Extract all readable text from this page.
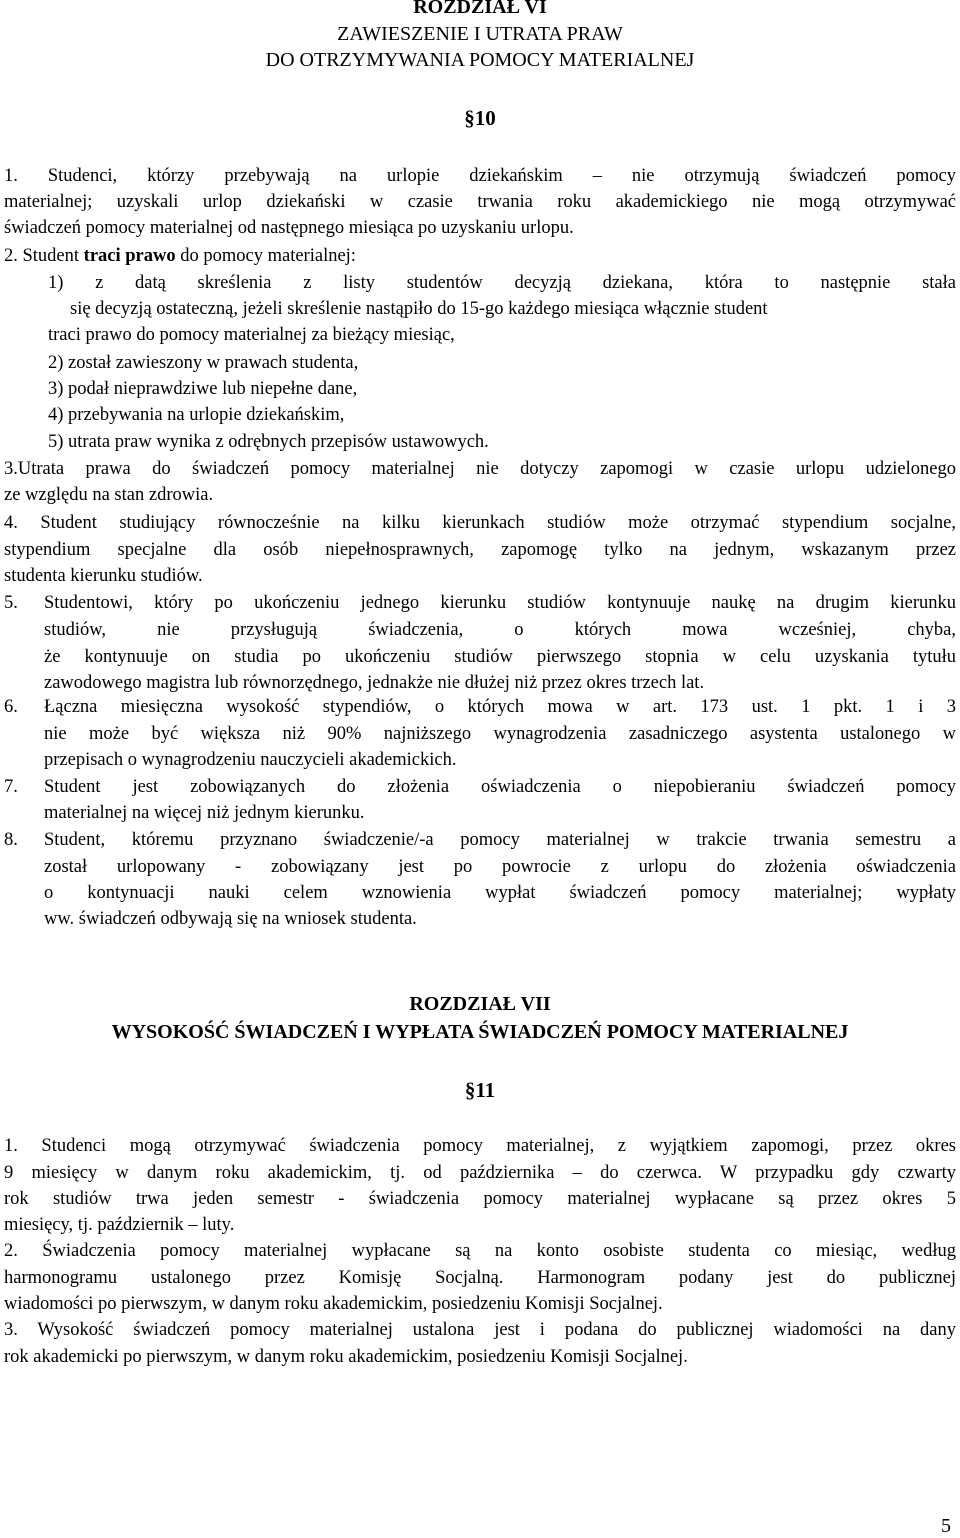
ROZDZIAŁ VI
ZAWIESZENIE I UTRATA PRAW
DO OTRZYMYWANIA POMOCY MATERIALNEJ
§10
1. Studenci, którzy przebywają na urlopie dziekańskim – nie otrzymują świadczeń pomocy
materialnej; uzyskali urlop dziekański w czasie trwania roku akademickiego nie mogą otrzymywać
świadczeń pomocy materialnej od następnego miesiąca po uzyskaniu urlopu.
2. Student traci prawo do pomocy materialnej:
1) z datą skreślenia z listy studentów decyzją dziekana, która to następnie stała
się decyzją ostateczną, jeżeli skreślenie nastąpiło do 15-go każdego miesiąca włącznie student
traci prawo do pomocy materialnej za bieżący miesiąc,
2) został zawieszony w prawach studenta,
3) podał nieprawdziwe lub niepełne dane,
4) przebywania na urlopie dziekańskim,
5) utrata praw wynika z odrębnych przepisów ustawowych.
3.Utrata prawa do świadczeń pomocy materialnej nie dotyczy zapomogi w czasie urlopu udzielonego
ze względu na stan zdrowia.
4. Student studiujący równocześnie na kilku kierunkach studiów może otrzymać stypendium socjalne,
stypendium specjalne dla osób niepełnosprawnych, zapomogę tylko na jednym, wskazanym przez
studenta kierunku studiów.
5.	Studentowi, który po ukończeniu jednego kierunku studiów kontynuuje naukę na drugim kierunku
studiów, nie przysługują świadczenia, o których mowa wcześniej, chyba,
że kontynuuje on studia po ukończeniu studiów pierwszego stopnia w celu uzyskania tytułu
zawodowego magistra lub równorzędnego, jednakże nie dłużej niż przez okres trzech lat.
6.	Łączna miesięczna wysokość stypendiów, o których mowa w art. 173 ust. 1 pkt. 1 i 3
nie może być większa niż 90% najniższego wynagrodzenia zasadniczego asystenta ustalonego w
przepisach o wynagrodzeniu nauczycieli akademickich.
7.	Student jest zobowiązanych do złożenia oświadczenia o niepobieraniu świadczeń pomocy
materialnej na więcej niż jednym kierunku.
8.	Student, któremu przyznano świadczenie/-a pomocy materialnej w trakcie trwania semestru a
został urlopowany - zobowiązany jest po powrocie z urlopu do złożenia oświadczenia
o kontynuacji nauki celem wznowienia wypłat świadczeń pomocy materialnej; wypłaty
ww. świadczeń odbywają się na wniosek studenta.
ROZDZIAŁ VII
WYSOKOŚĆ ŚWIADCZEŃ I WYPŁATA ŚWIADCZEŃ POMOCY MATERIALNEJ
§11
1. Studenci mogą otrzymywać świadczenia pomocy materialnej, z wyjątkiem zapomogi, przez okres
9 miesięcy w danym roku akademickim, tj. od października – do czerwca. W przypadku gdy czwarty
rok studiów trwa jeden semestr - świadczenia pomocy materialnej wypłacane są przez okres 5
miesięcy, tj. październik – luty.
2. Świadczenia pomocy materialnej wypłacane są na konto osobiste studenta co miesiąc, według
harmonogramu ustalonego przez Komisję Socjalną. Harmonogram podany jest do publicznej
wiadomości po pierwszym, w danym roku akademickim, posiedzeniu Komisji Socjalnej.
3. Wysokość świadczeń pomocy materialnej ustalona jest i podana do publicznej wiadomości na dany
rok akademicki po pierwszym, w danym roku akademickim, posiedzeniu Komisji Socjalnej.
5
